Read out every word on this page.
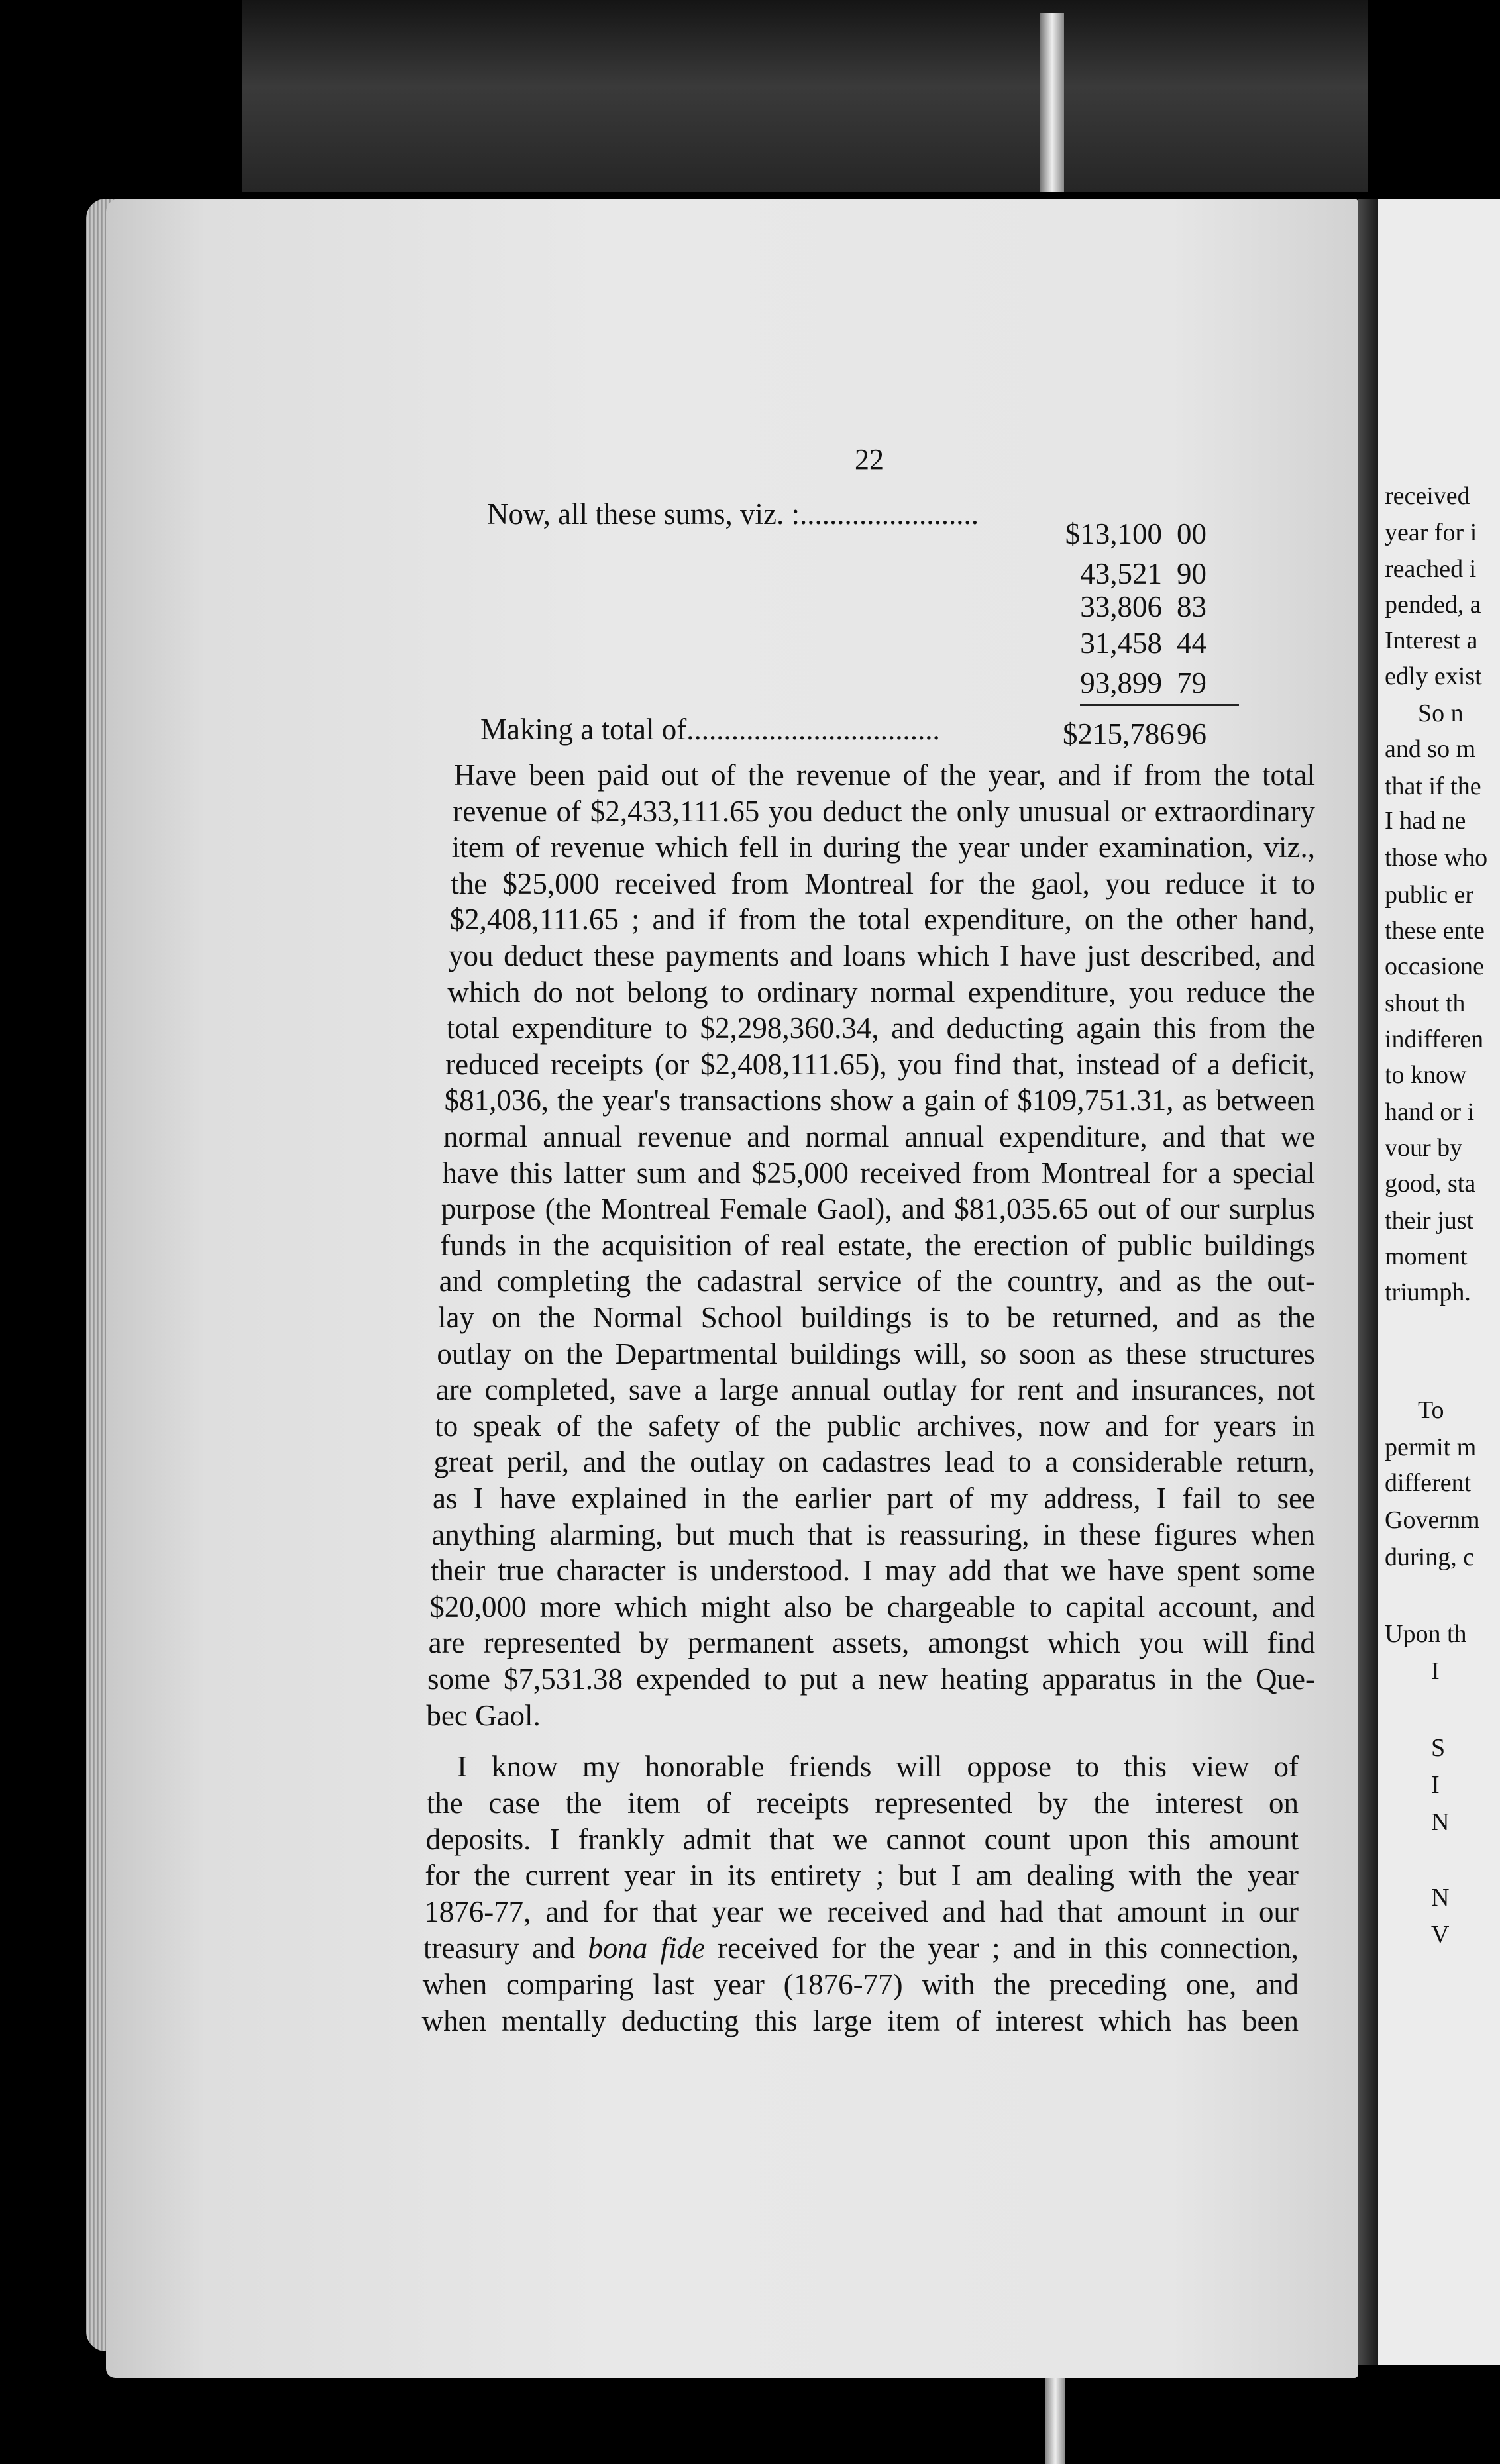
received
year for i
reached i
pended, a
Interest a
edly exist
So n
and so m
that if the
I had ne
those who
public er
these ente
occasione
shout th
indifferen
to know
hand or i
vour by
good, sta
their just
moment
triumph.
To
permit m
different
Governm
during, c
Upon th
I
S
I
N
N
V
22
Now, all these sums, viz. :........................
$13,100 00
43,521 90
33,806 83
31,458 44
93,899 79
Making a total of..................................	$215,78696
Have been paid out of the revenue of the year, and if from the total
revenue of $2,433,111.65 you deduct the only unusual or extraordinary
item of revenue which fell in during the year under examination, viz.,
the $25,000 received from Montreal for the gaol, you reduce it to
$2,408,111.65 ; and if from the total expenditure, on the other hand,
you deduct these payments and loans which I have just described, and
which do not belong to ordinary normal expenditure, you reduce the
total expenditure to $2,298,360.34, and deducting again this from the
reduced receipts (or $2,408,111.65), you find that, instead of a deficit,
$81,036, the year's transactions show a gain of $109,751.31, as between
normal annual revenue and normal annual expenditure, and that we
have this latter sum and $25,000 received from Montreal for a special
purpose (the Montreal Female Gaol), and $81,035.65 out of our surplus
funds in the acquisition of real estate, the erection of public buildings
and completing the cadastral service of the country, and as the out-
lay on the Normal School buildings is to be returned, and as the
outlay on the Departmental buildings will, so soon as these structures
are completed, save a large annual outlay for rent and insurances, not
to speak of the safety of the public archives, now and for years in
great peril, and the outlay on cadastres lead to a considerable return,
as I have explained in the earlier part of my address, I fail to see
anything alarming, but much that is reassuring, in these figures when
their true character is understood. I may add that we have spent some
$20,000 more which might also be chargeable to capital account, and
are represented by permanent assets, amongst which you will find
some $7,531.38 expended to put a new heating apparatus in the Que-
bec Gaol.
I know my honorable friends will oppose to this view of
the case the item of receipts represented by the interest on
deposits. I frankly admit that we cannot count upon this amount
for the current year in its entirety ; but I am dealing with the year
1876-77, and for that year we received and had that amount in our
treasury and bona fide received for the year ; and in this connection,
when comparing last year (1876-77) with the preceding one, and
when mentally deducting this large item of interest which has been
